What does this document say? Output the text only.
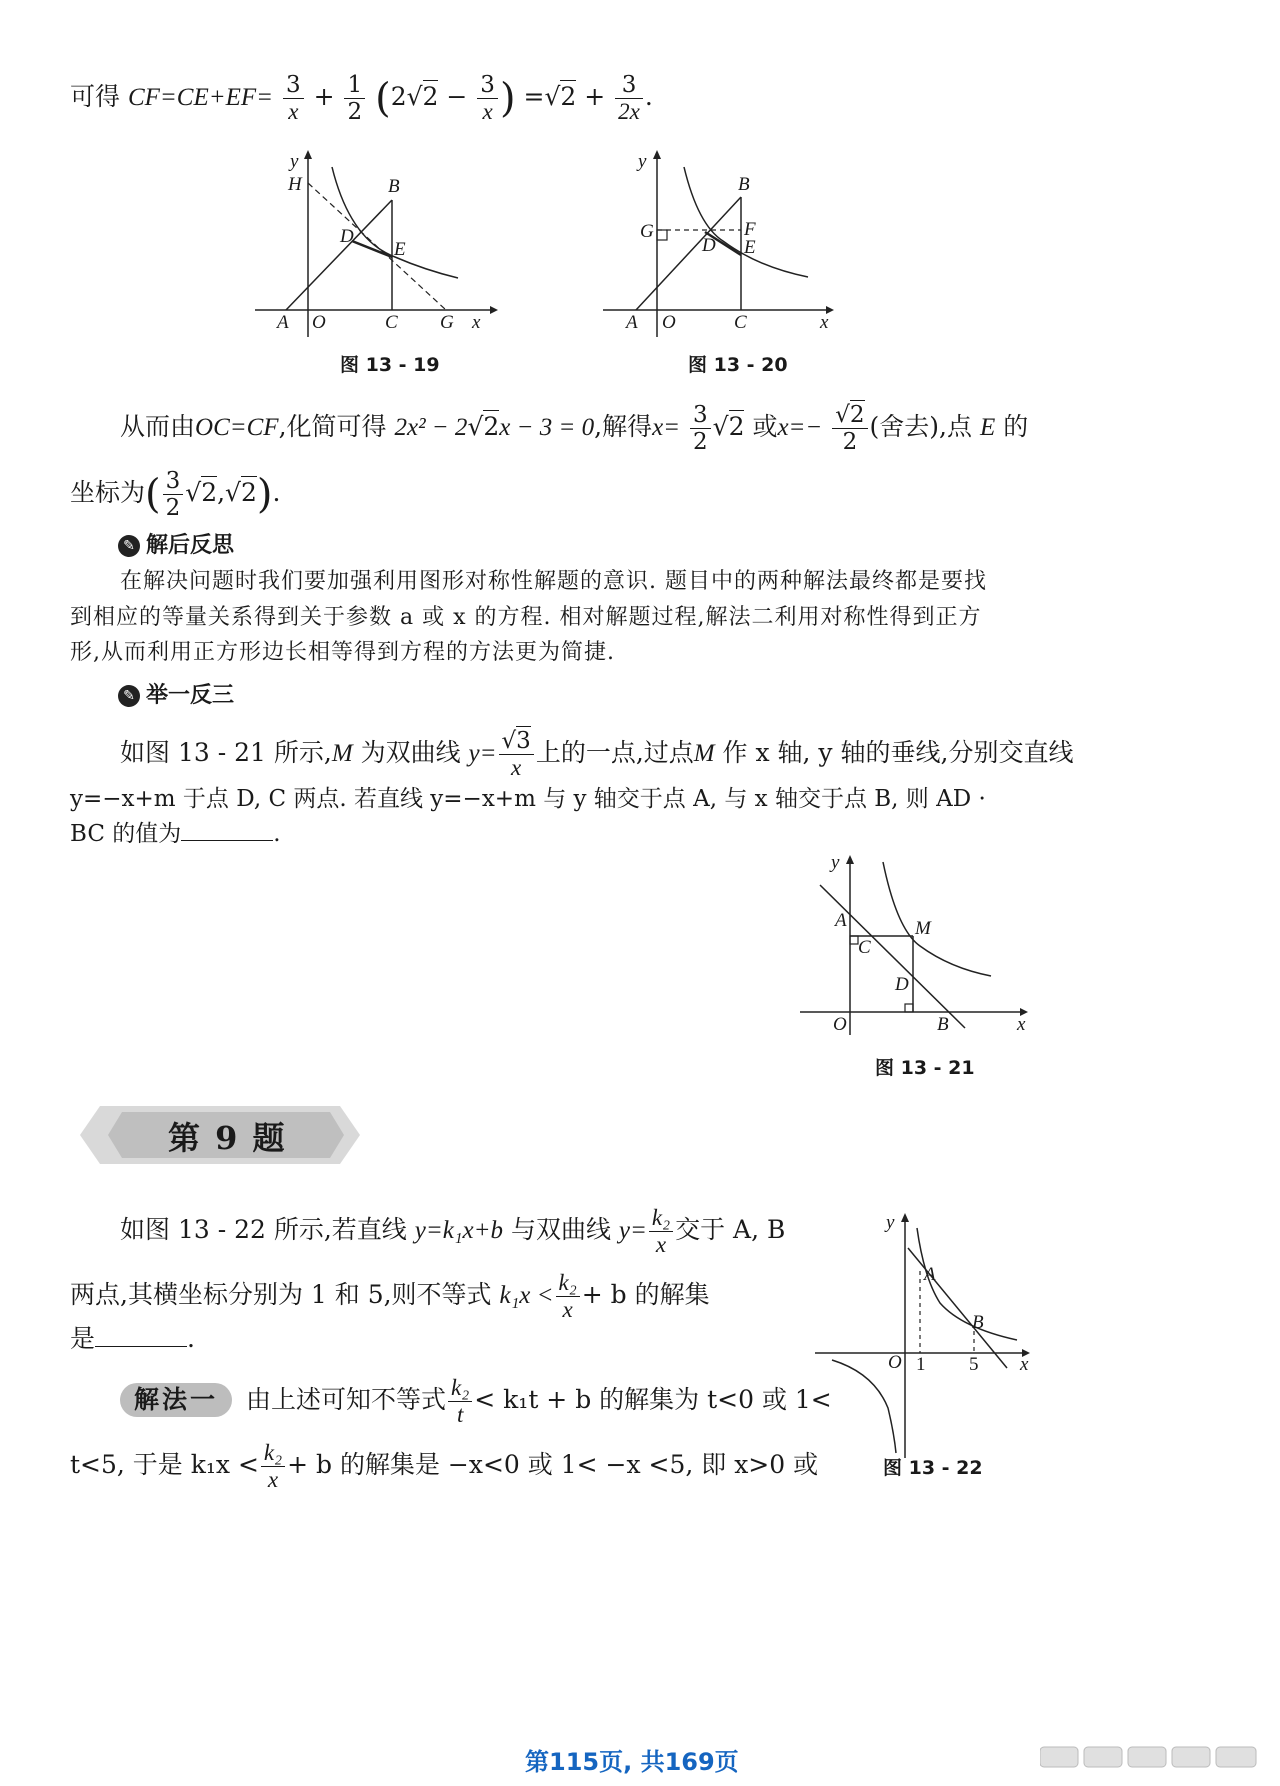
可得 $CF=CE+EF= \frac{3}{x} + \frac{1}{2} (2√2 - \frac{3}{x}$ ) $=√2 + \frac{3}{2x}$ .
y
H	B
D
E
A O	C G x
图 13 - 19
y
G
B
F
D E
A O	C	x
图 13 - 20
从而由OC=CF,化简可得 2x² − 2√2x − 3 = 0,解得$x= \frac{3}{2} √2$ 或$x=- \frac{√2}{2}$ (舍去),点 E 的
坐标为( $\frac{3}{2} √2,√2$).
✎ 解后反思
在解决问题时我们要加强利用图形对称性解题的意识. 题目中的两种解法最终都是要找
到相应的等量关系得到关于参数 a 或 x 的方程. 相对解题过程,解法二利用对称性得到正方
形,从而利用正方形边长相等得到方程的方法更为简捷.
✎ 举一反三
如图 13 - 21 所示,M 为双曲线 $y= \frac{√3}{x}$ 上的一点,过点M 作 x 轴, y 轴的垂线,分别交直线
y=−x+m 于点 D, C 两点. 若直线 y=−x+m 与 y 轴交于点 A, 与 x 轴交于点 B, 则 AD ·
BC 的值为	.
y
A	M
C
D
O	B	x
图 13 - 21
第 9 题
如图 13 - 22 所示,若直线 y=k₁x+b 与双曲线 $y= \frac{\text{k₂}}{x}$ 交于 A, B
两点,其横坐标分别为 1 和 5,则不等式 $k_1x < \frac{\text{k₂}}{x} + b$ 的解集
是	.
解法一 由上述可知不等式 $\frac{\text{k₂}}{t} < k_1t + b$ 的解集为 t<0 或 1<
t<5, 于是 $k_1x < \frac{\text{k₂}}{x} + b$ 的解集是 −x<0 或 1< −x <5, 即 x>0 或
y
A
B
O 1 5 x
图 13 - 22
第115页, 共169页
